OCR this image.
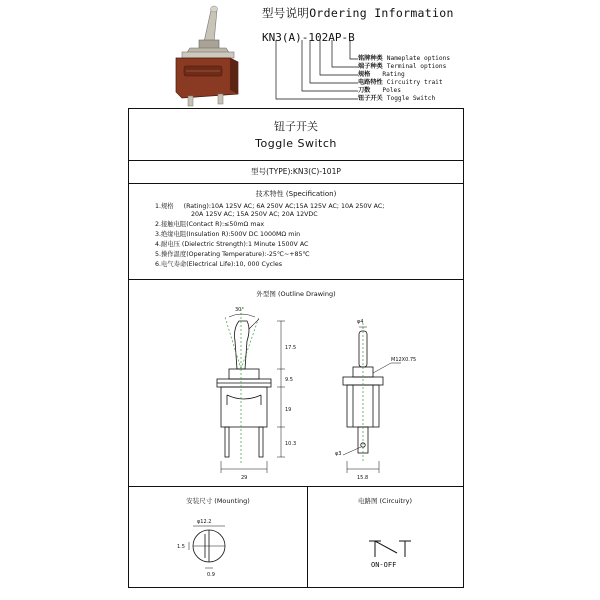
型号说明Ordering Information
KN3(A)-102AP-B
铭牌种类 Nameplate options
端子种类 Terminal options
规格 Rating
电路特性 Circuitry trait
刀数 Poles
钮子开关 Toggle Switch
钮子开关
Toggle Switch
型号(TYPE):KN3(C)-101P
技术特性 (Specification)
1.规格     (Rating):10A 125V AC; 6A 250V AC;15A 125V AC; 10A 250V AC;
20A 125V AC; 15A 250V AC; 20A 12VDC
2.接触电阻(Contact R):≤50mΩ max
3.绝缘电阻(Insulation R):500V DC 1000MΩ min
4.耐电压 (Dielectric Strength):1 Minute 1500V AC
5.操作温度(Operating Temperature):-25℃~+85℃
6.电气寿命(Electrical Life):10, 000 Cycles
外型图 (Outline Drawing)
30°
φ4
17.5
9.5
19
10.3
M12X0.75
29	15.8
φ3
安装尺寸 (Mounting)
φ12.2
1.5
0.9
电路图 (Circuitry)
ON-OFF
